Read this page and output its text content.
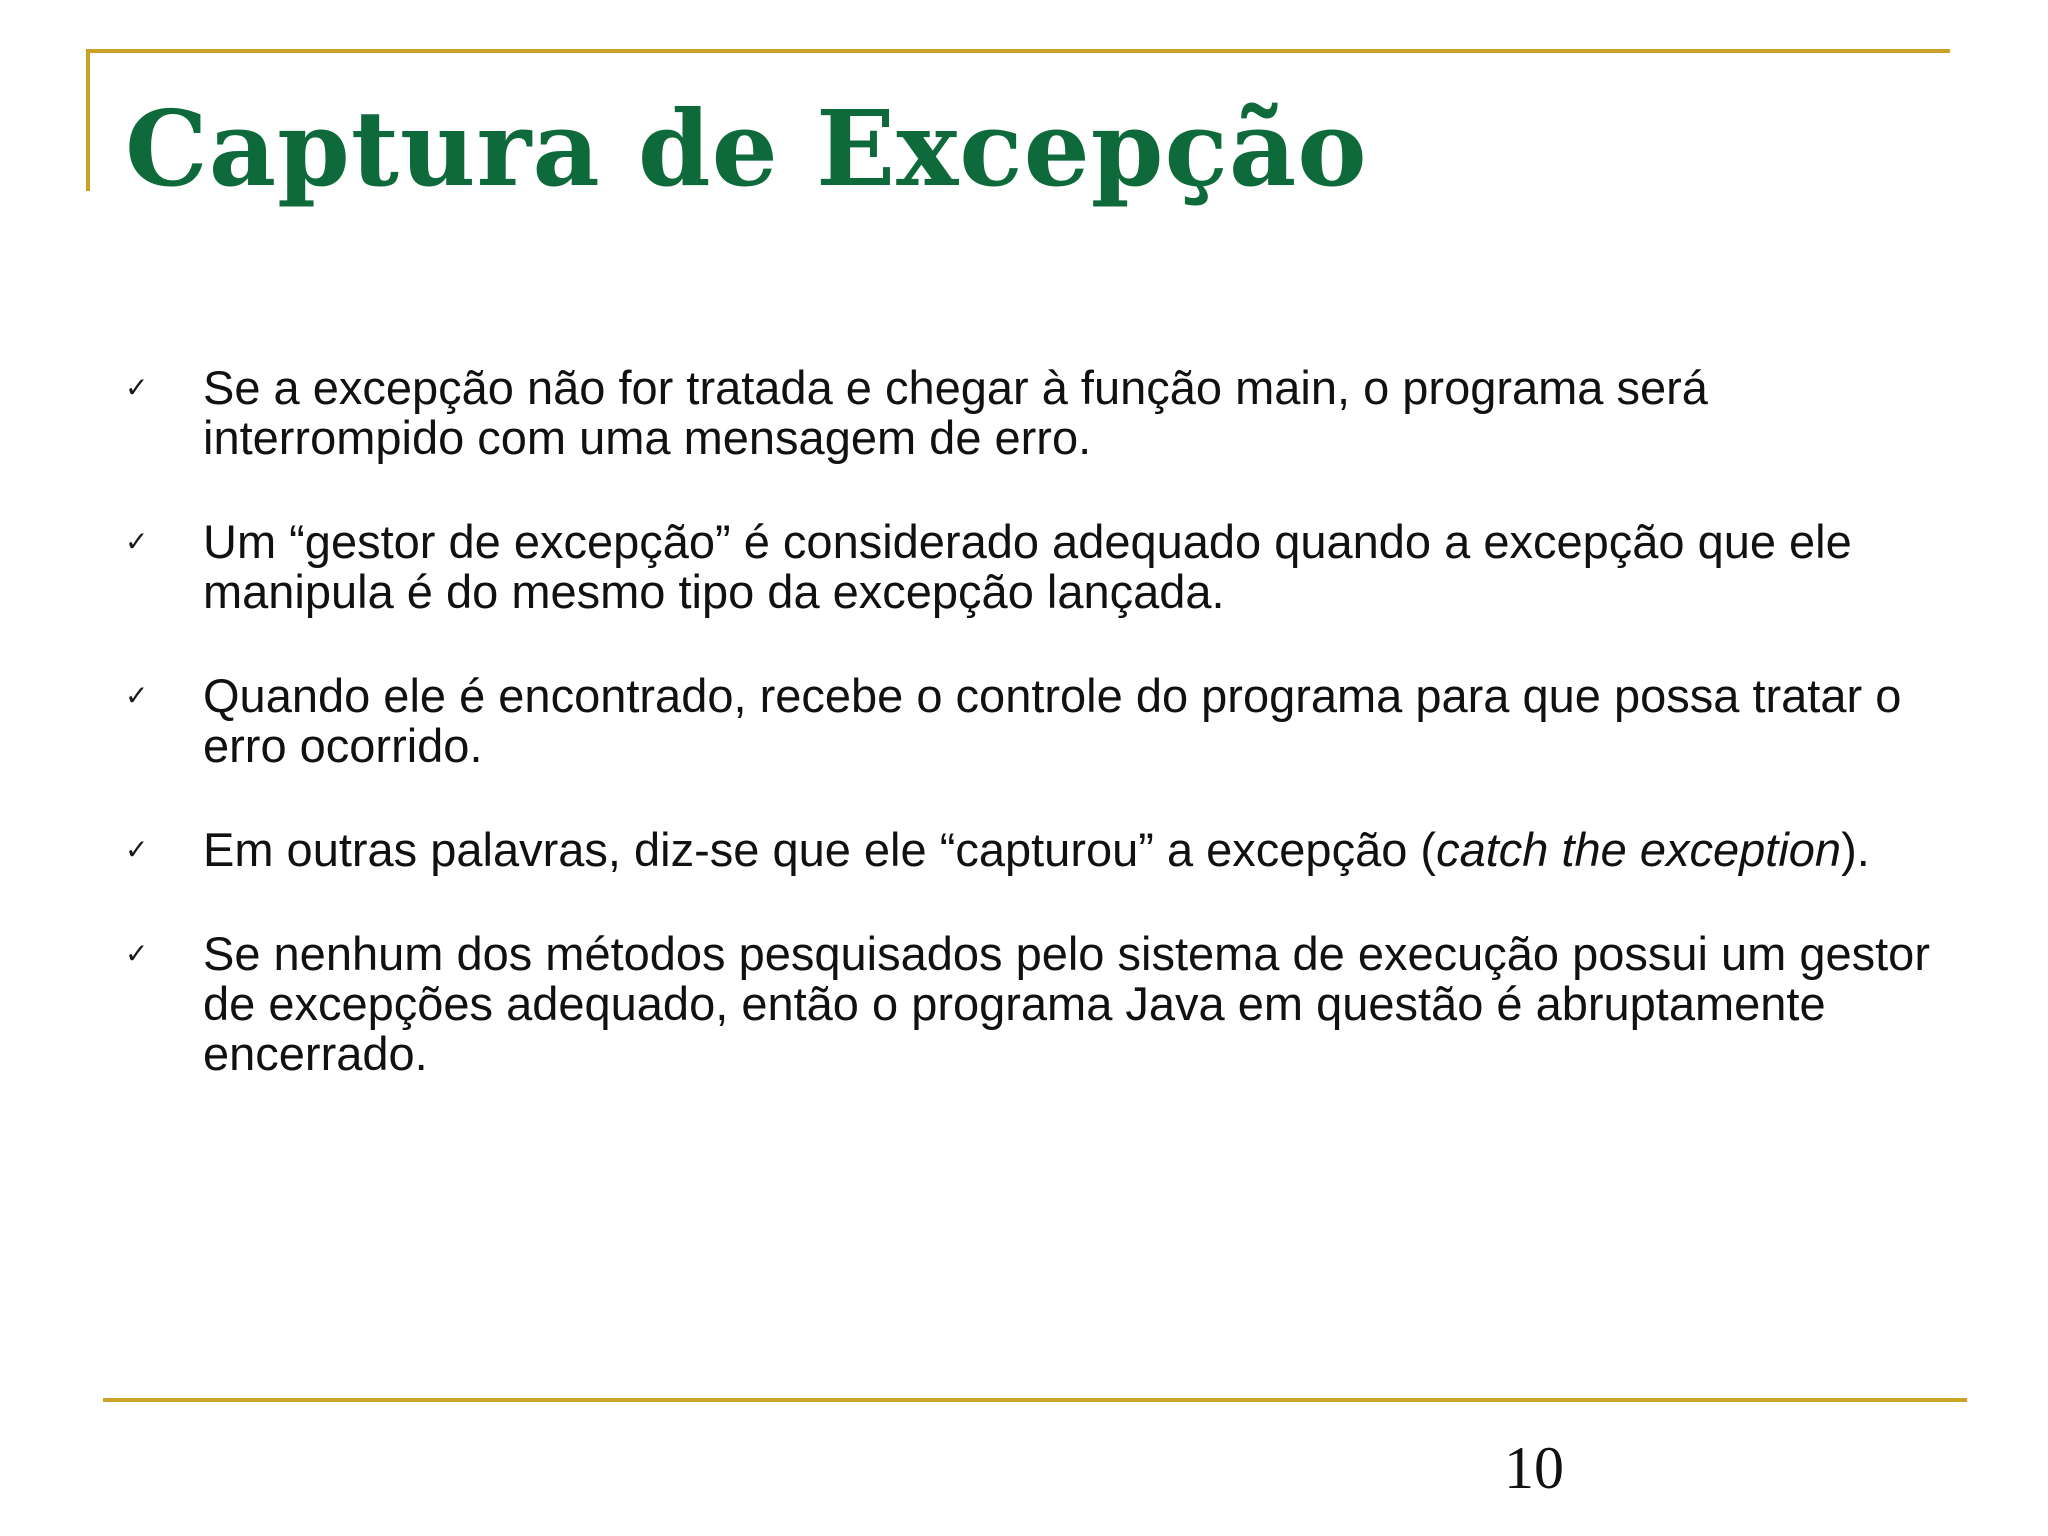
Captura de Excepção
✓ Se a excepção não for tratada e chegar à função main, o programa será interrompido com uma mensagem de erro.
✓ Um “gestor de excepção” é considerado adequado quando a excepção que ele manipula é do mesmo tipo da excepção lançada.
✓ Quando ele é encontrado, recebe o controle do programa para que possa tratar o erro ocorrido.
✓ Em outras palavras, diz-se que ele “capturou” a excepção (catch the exception).
✓ Se nenhum dos métodos pesquisados pelo sistema de execução possui um gestor de excepções adequado, então o programa Java em questão é abruptamente encerrado.
10
